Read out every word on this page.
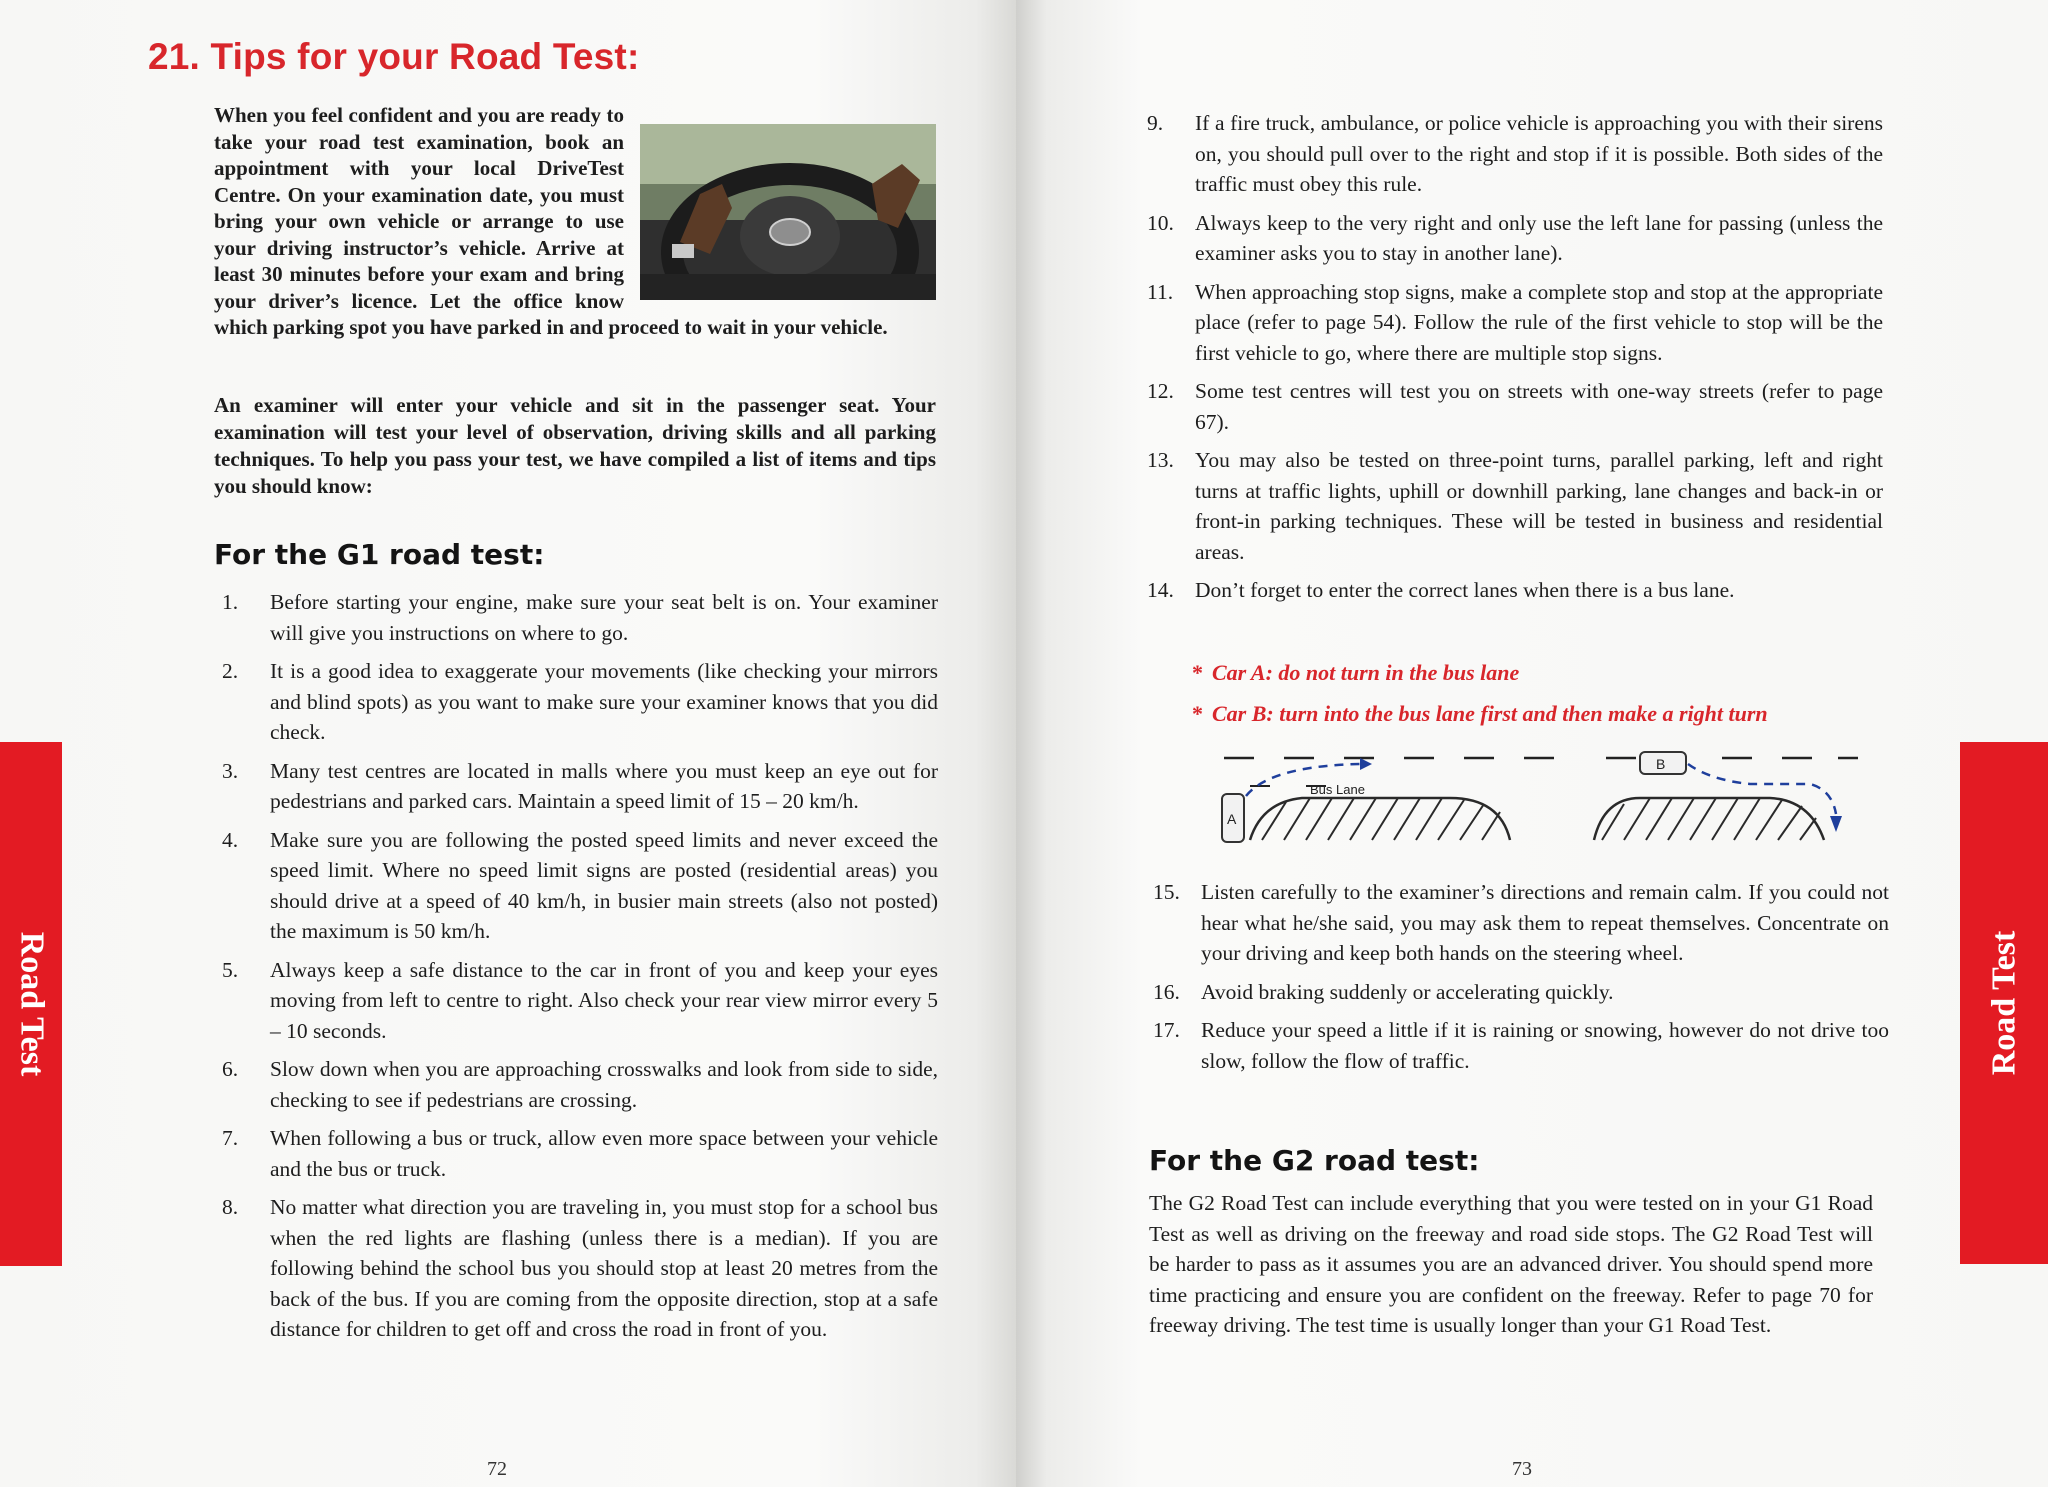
Road Test
21. Tips for your Road Test:
When you feel confident and you are ready to take your road test examination, book an appointment with your local DriveTest Centre. On your examination date, you must bring your own vehicle or arrange to use your driving instructor’s vehicle. Arrive at least 30 minutes before your exam and bring your driver’s licence. Let the office know which parking spot you have parked in and proceed to wait in your vehicle.

An examiner will enter your vehicle and sit in the passenger seat. Your examination will test your level of observation, driving skills and all parking techniques. To help you pass your test, we have compiled a list of items and tips you should know:

For the G1 road test:
1.	Before starting your engine, make sure your seat belt is on. Your examiner will give you instructions on where to go.
2.	It is a good idea to exaggerate your movements (like checking your mirrors and blind spots) as you want to make sure your examiner knows that you did check.
3.	Many test centres are located in malls where you must keep an eye out for pedestrians and parked cars. Maintain a speed limit of 15 – 20 km/h.
4.	Make sure you are following the posted speed limits and never exceed the speed limit. Where no speed limit signs are posted (residential areas) you should drive at a speed of 40 km/h, in busier main streets (also not posted) the maximum is 50 km/h.
5.	Always keep a safe distance to the car in front of you and keep your eyes moving from left to centre to right. Also check your rear view mirror every 5 – 10 seconds.
6.	Slow down when you are approaching crosswalks and look from side to side, checking to see if pedestrians are crossing.
7.	When following a bus or truck, allow even more space between your vehicle and the bus or truck.
8.	No matter what direction you are traveling in, you must stop for a school bus when the red lights are flashing (unless there is a median). If you are following behind the school bus you should stop at least 20 metres from the back of the bus. If you are coming from the opposite direction, stop at a safe distance for children to get off and cross the road in front of you.
72
Road Test
73
9. If a fire truck, ambulance, or police vehicle is approaching you with their sirens on, you should pull over to the right and stop if it is possible. Both sides of the traffic must obey this rule.
10. Always keep to the very right and only use the left lane for passing (unless the examiner asks you to stay in another lane).
11. When approaching stop signs, make a complete stop and stop at the appropriate place (refer to page 54). Follow the rule of the first vehicle to stop will be the first vehicle to go, where there are multiple stop signs.
12. Some test centres will test you on streets with one-way streets (refer to page 67).
13. You may also be tested on three-point turns, parallel parking, left and right turns at traffic lights, uphill or downhill parking, lane changes and back-in or front-in parking techniques. These will be tested in business and residential areas.
14. Don’t forget to enter the correct lanes when there is a bus lane.
* Car A: do not turn in the bus lane
* Car B: turn into the bus lane first and then make a right turn
Bus Lane
A
B
15. Listen carefully to the examiner’s directions and remain calm. If you could not hear what he/she said, you may ask them to repeat themselves. Concentrate on your driving and keep both hands on the steering wheel.
16. Avoid braking suddenly or accelerating quickly.
17. Reduce your speed a little if it is raining or snowing, however do not drive too slow, follow the flow of traffic.
For the G2 road test:

The G2 Road Test can include everything that you were tested on in your G1 Road Test as well as driving on the freeway and road side stops. The G2 Road Test will be harder to pass as it assumes you are an advanced driver. You should spend more time practicing and ensure you are confident on the freeway. Refer to page 70 for freeway driving. The test time is usually longer than your G1 Road Test.
